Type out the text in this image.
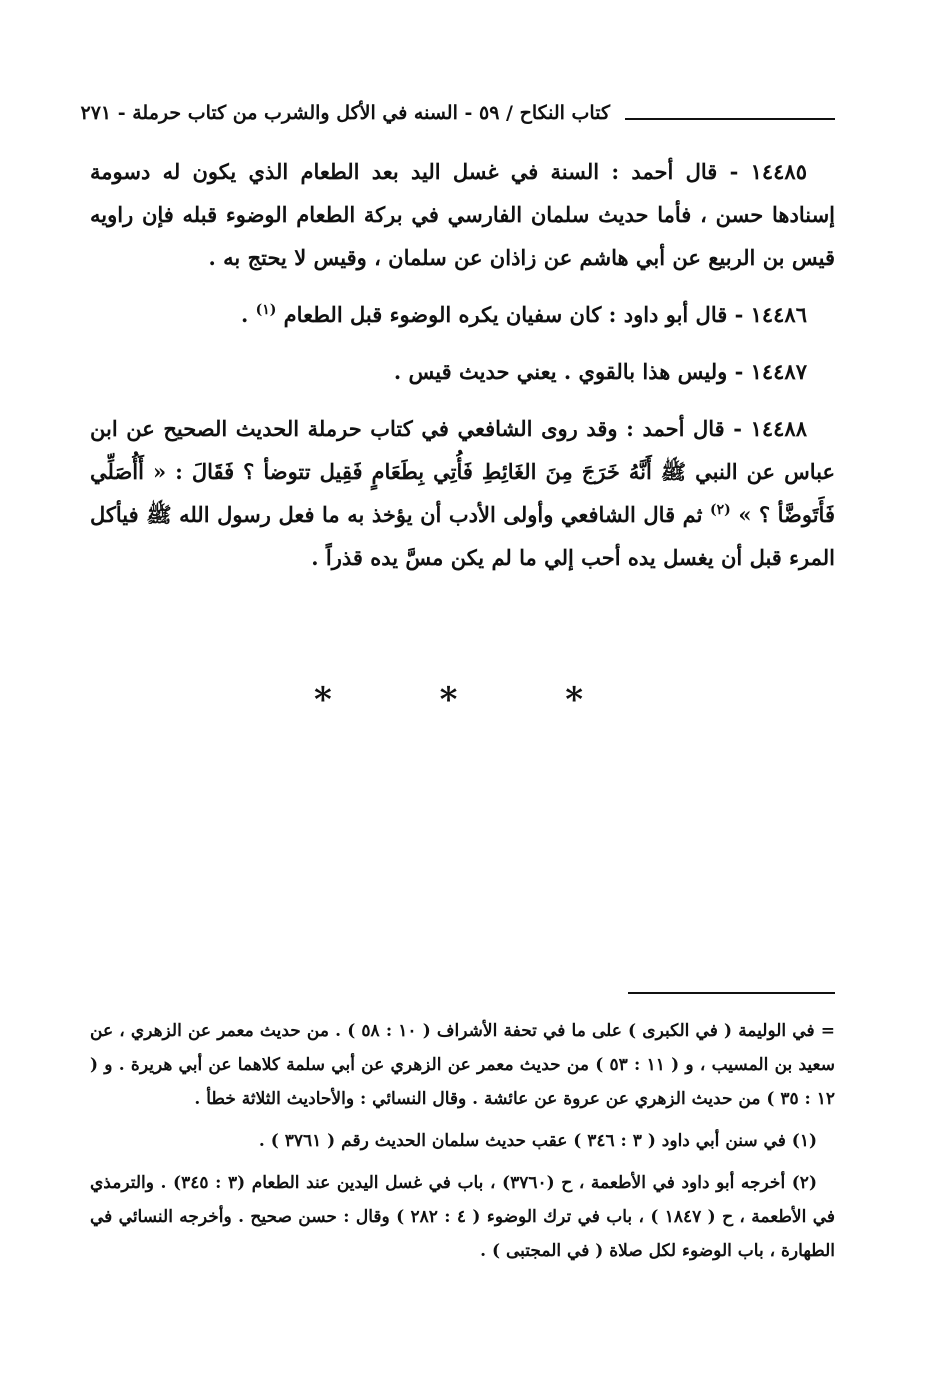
كتاب النكاح / ٥٩ - السنه في الأكل والشرب من كتاب حرملة - ٢٧١

١٤٤٨٥ - قال أحمد : السنة في غسل اليد بعد الطعام الذي يكون له دسومة إسنادها حسن ، فأما حديث سلمان الفارسي في بركة الطعام الوضوء قبله فإن راويه قيس بن الربيع عن أبي هاشم عن زاذان عن سلمان ، وقيس لا يحتج به .

١٤٤٨٦ - قال أبو داود : كان سفيان يكره الوضوء قبل الطعام $^{(١)}$ .

١٤٤٨٧ - وليس هذا بالقوي . يعني حديث قيس .

١٤٤٨٨ - قال أحمد : وقد روى الشافعي في كتاب حرملة الحديث الصحيح عن ابن عباس عن النبي ﷺ أَنَّهُ خَرَجَ مِنَ الغَائِطِ فَأُتِي بِطَعَامٍ فَقِيل تتوضأ ؟ فَقَالَ : « أَأُصَلِّي فَأَتَوضَّأ ؟ » $^{(٢)}$ ثم قال الشافعي وأولى الأدب أن يؤخذ به ما فعل رسول الله ﷺ فيأكل المرء قبل أن يغسل يده أحب إلي ما لم يكن مسَّ يده قذراً .

* * *

= في الوليمة ( في الكبرى ) على ما في تحفة الأشراف ( ١٠ : ٥٨ ) . من حديث معمر عن الزهري ، عن سعيد بن المسيب ، و ( ١١ : ٥٣ ) من حديث معمر عن الزهري عن أبي سلمة كلاهما عن أبي هريرة . و ( ١٢ : ٣٥ ) من حديث الزهري عن عروة عن عائشة . وقال النسائي : والأحاديث الثلاثة خطأ .

(١) في سنن أبي داود ( ٣ : ٣٤٦ ) عقب حديث سلمان الحديث رقم ( ٣٧٦١ ) .

(٢) أخرجه أبو داود في الأطعمة ، ح (٣٧٦٠) ، باب في غسل اليدين عند الطعام (٣ : ٣٤٥) . والترمذي في الأطعمة ، ح ( ١٨٤٧ ) ، باب في ترك الوضوء ( ٤ : ٢٨٢ ) وقال : حسن صحيح . وأخرجه النسائي في الطهارة ، باب الوضوء لكل صلاة ( في المجتبى ) .
